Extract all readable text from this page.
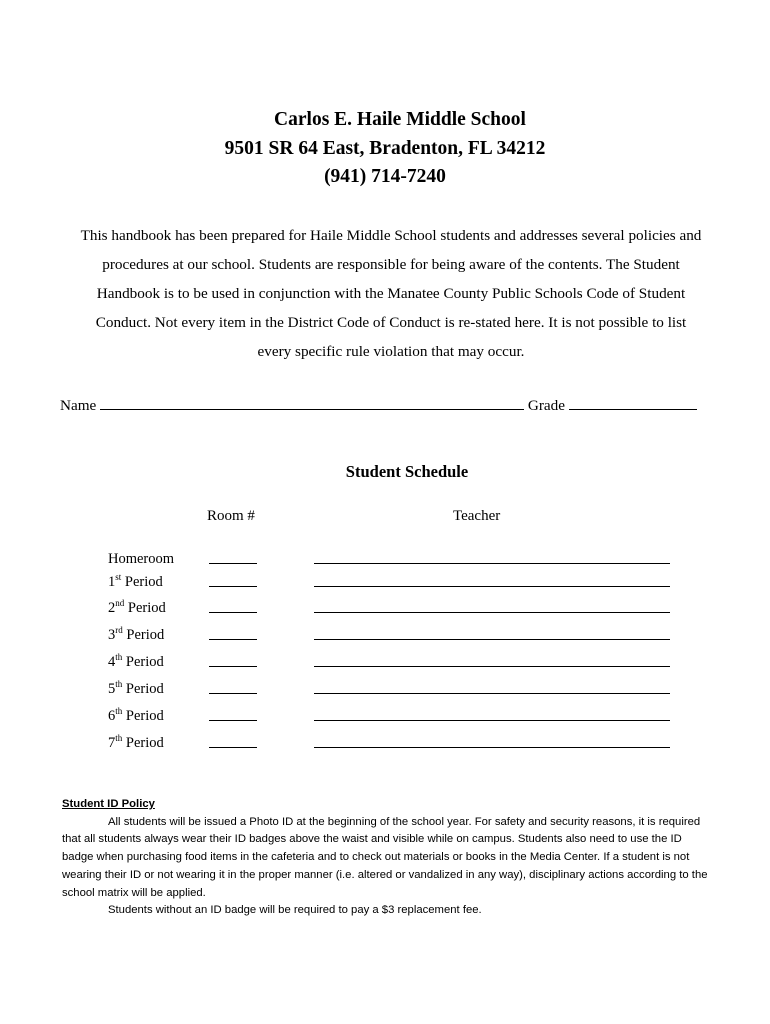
Carlos E. Haile Middle School
9501 SR 64 East, Bradenton, FL 34212
(941) 714-7240
This handbook has been prepared for Haile Middle School students and addresses several policies and procedures at our school. Students are responsible for being aware of the contents. The Student Handbook is to be used in conjunction with the Manatee County Public Schools Code of Student Conduct. Not every item in the District Code of Conduct is re-stated here. It is not possible to list every specific rule violation that may occur.
Name	Grade
Student Schedule
Room #	Teacher
Homeroom
1st Period
2nd Period
3rd Period
4th Period
5th Period
6th Period
7th Period
Student ID Policy

All students will be issued a Photo ID at the beginning of the school year. For safety and security reasons, it is required that all students always wear their ID badges above the waist and visible while on campus. Students also need to use the ID badge when purchasing food items in the cafeteria and to check out materials or books in the Media Center. If a student is not wearing their ID or not wearing it in the proper manner (i.e. altered or vandalized in any way), disciplinary actions according to the school matrix will be applied.

Students without an ID badge will be required to pay a $3 replacement fee.
